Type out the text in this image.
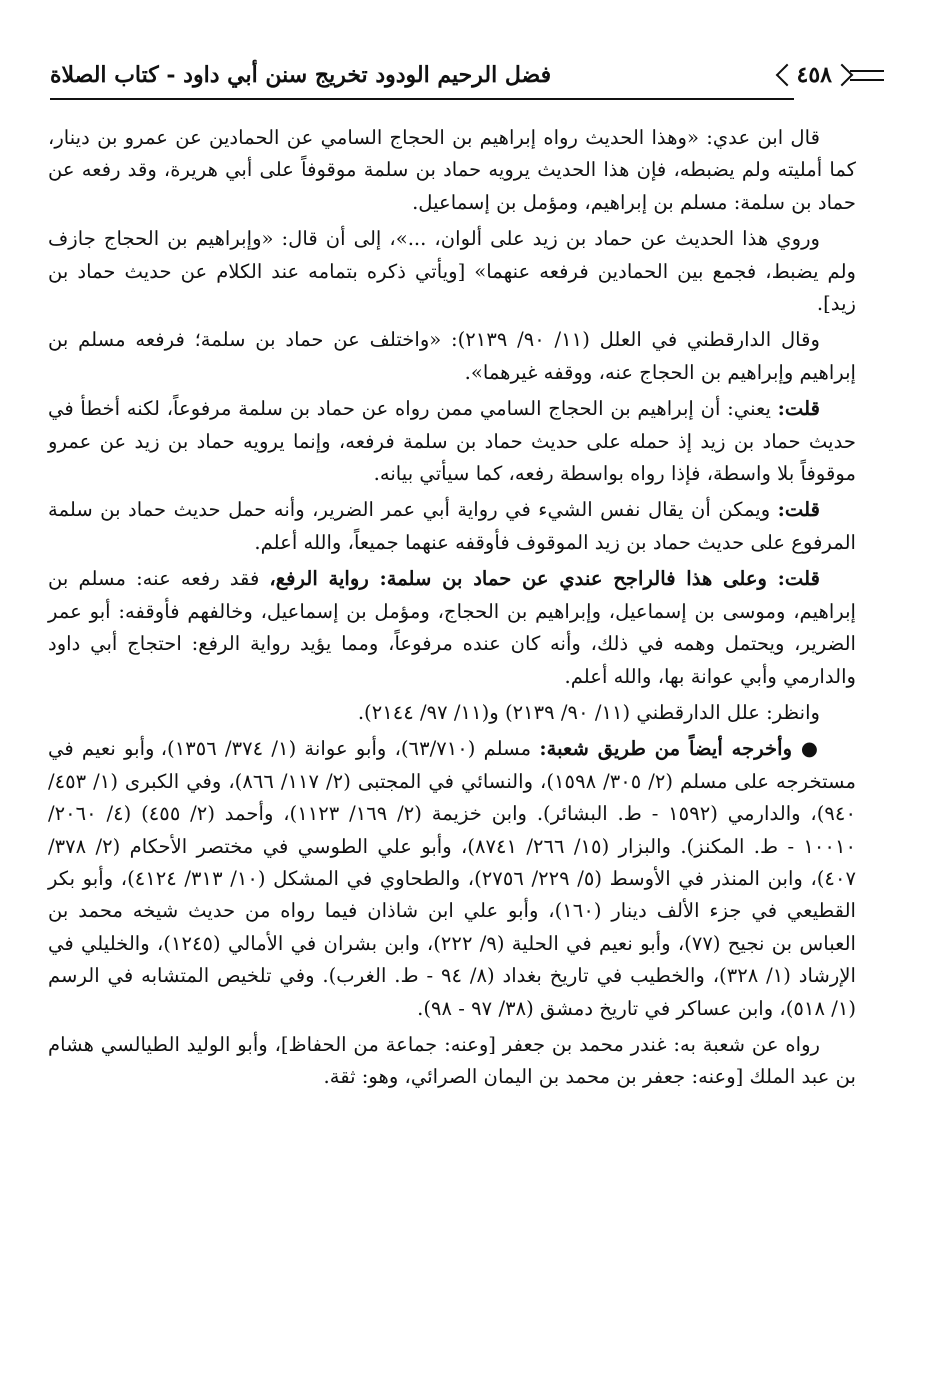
٤٥٨
فضل الرحيم الودود تخريج سنن أبي داود - كتاب الصلاة

قال ابن عدي: «وهذا الحديث رواه إبراهيم بن الحجاج السامي عن الحمادين عن عمرو بن دينار، كما أمليته ولم يضبطه، فإن هذا الحديث يرويه حماد بن سلمة موقوفاً على أبي هريرة، وقد رفعه عن حماد بن سلمة: مسلم بن إبراهيم، ومؤمل بن إسماعيل.

وروي هذا الحديث عن حماد بن زيد على ألوان، ...»، إلى أن قال: «وإبراهيم بن الحجاج جازف ولم يضبط، فجمع بين الحمادين فرفعه عنهما» [ويأتي ذكره بتمامه عند الكلام عن حديث حماد بن زيد].

وقال الدارقطني في العلل (١١/ ٩٠/ ٢١٣٩): «واختلف عن حماد بن سلمة؛ فرفعه مسلم بن إبراهيم وإبراهيم بن الحجاج عنه، ووقفه غيرهما».

قلت: يعني: أن إبراهيم بن الحجاج السامي ممن رواه عن حماد بن سلمة مرفوعاً، لكنه أخطأ في حديث حماد بن زيد إذ حمله على حديث حماد بن سلمة فرفعه، وإنما يرويه حماد بن زيد عن عمرو موقوفاً بلا واسطة، فإذا رواه بواسطة رفعه، كما سيأتي بيانه.

قلت: ويمكن أن يقال نفس الشيء في رواية أبي عمر الضرير، وأنه حمل حديث حماد بن سلمة المرفوع على حديث حماد بن زيد الموقوف فأوقفه عنهما جميعاً، والله أعلم.

قلت: وعلى هذا فالراجح عندي عن حماد بن سلمة: رواية الرفع، فقد رفعه عنه: مسلم بن إبراهيم، وموسى بن إسماعيل، وإبراهيم بن الحجاج، ومؤمل بن إسماعيل، وخالفهم فأوقفه: أبو عمر الضرير، ويحتمل وهمه في ذلك، وأنه كان عنده مرفوعاً، ومما يؤيد رواية الرفع: احتجاج أبي داود والدارمي وأبي عوانة بها، والله أعلم.

وانظر: علل الدارقطني (١١/ ٩٠/ ٢١٣٩) و(١١/ ٩٧/ ٢١٤٤).

● وأخرجه أيضاً من طريق شعبة: مسلم (٦٣/٧١٠)، وأبو عوانة (١/ ٣٧٤/ ١٣٥٦)، وأبو نعيم في مستخرجه على مسلم (٢/ ٣٠٥/ ١٥٩٨)، والنسائي في المجتبى (٢/ ١١٧/ ٨٦٦)، وفي الكبرى (١/ ٤٥٣/ ٩٤٠)، والدارمي (١٥٩٢ - ط. البشائر). وابن خزيمة (٢/ ١٦٩/ ١١٢٣)، وأحمد (٢/ ٤٥٥) (٤/ ٢٠٦٠/ ١٠٠١٠ - ط. المكنز). والبزار (١٥/ ٢٦٦/ ٨٧٤١)، وأبو علي الطوسي في مختصر الأحكام (٢/ ٣٧٨/ ٤٠٧)، وابن المنذر في الأوسط (٥/ ٢٢٩/ ٢٧٥٦)، والطحاوي في المشكل (١٠/ ٣١٣/ ٤١٢٤)، وأبو بكر القطيعي في جزء الألف دينار (١٦٠)، وأبو علي ابن شاذان فيما رواه من حديث شيخه محمد بن العباس بن نجيح (٧٧)، وأبو نعيم في الحلية (٩/ ٢٢٢)، وابن بشران في الأمالي (١٢٤٥)، والخليلي في الإرشاد (١/ ٣٢٨)، والخطيب في تاريخ بغداد (٨/ ٩٤ - ط. الغرب). وفي تلخيص المتشابه في الرسم (١/ ٥١٨)، وابن عساكر في تاريخ دمشق (٣٨/ ٩٧ - ٩٨).

رواه عن شعبة به: غندر محمد بن جعفر [وعنه: جماعة من الحفاظ]، وأبو الوليد الطيالسي هشام بن عبد الملك [وعنه: جعفر بن محمد بن اليمان الصرائي، وهو: ثقة.
